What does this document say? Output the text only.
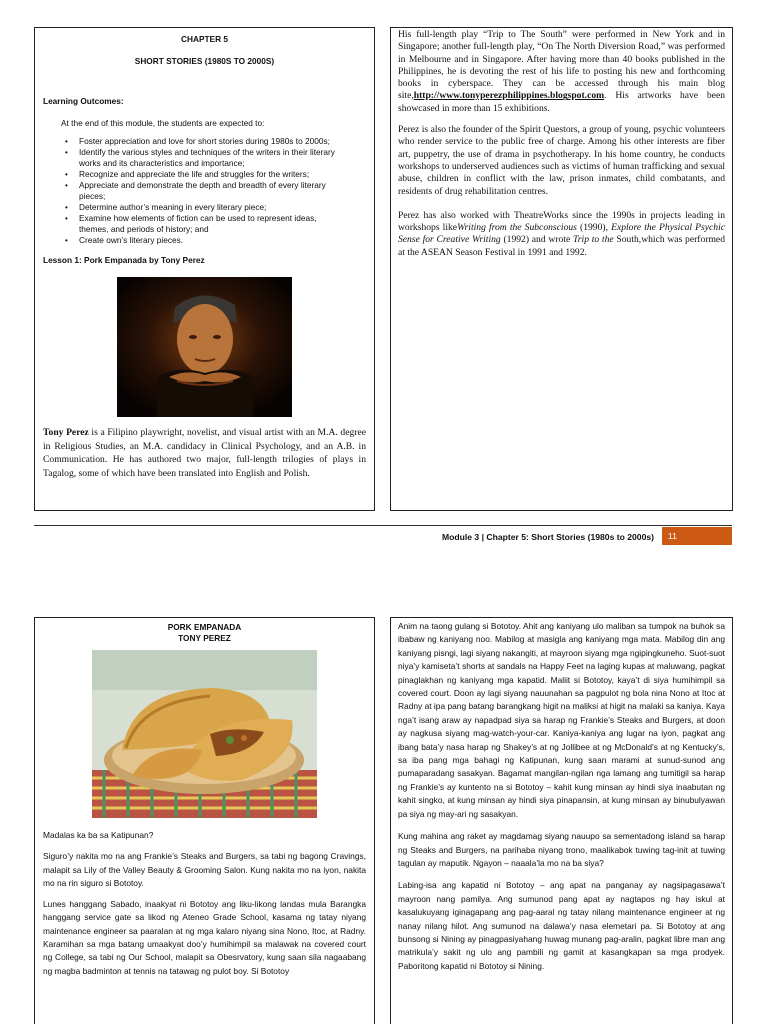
CHAPTER 5
SHORT STORIES (1980S TO 2000S)
Learning Outcomes:
At the end of this module, the students are expected to:
• Foster appreciation and love for short stories during 1980s to 2000s;
• Identify the various styles and techniques of the writers in their literary works and its characteristics and importance;
• Recognize and appreciate the life and struggles for the writers;
• Appreciate and demonstrate the depth and breadth of every literary pieces;
• Determine author’s meaning in every literary piece;
• Examine how elements of fiction can be used to represent ideas, themes, and periods of history; and
• Create own’s literary pieces.
Lesson 1: Pork Empanada by Tony Perez

Tony Perez is a Filipino playwright, novelist, and visual artist with an M.A. degree in Religious Studies, an M.A. candidacy in Clinical Psychology, and an A.B. in Communication. He has authored two major, full-length trilogies of plays in Tagalog, some of which have been translated into English and Polish.

His full-length play “Trip to The South” were performed in New York and in Singapore; another full-length play, “On The North Diversion Road,” was performed in Melbourne and in Singapore. After having more than 40 books published in the Philippines, he is devoting the rest of his life to posting his new and forthcoming books in cyberspace. They can be accessed through his main blog site,http://www.tonyperezphilippines.blogspot.com. His artworks have been showcased in more than 15 exhibitions.

Perez is also the founder of the Spirit Questors, a group of young, psychic volunteers who render service to the public free of charge. Among his other interests are fiber art, puppetry, the use of drama in psychotherapy. In his home country, he conducts workshops to underserved audiences such as victims of human trafficking and sexual abuse, children in conflict with the law, prison inmates, child combatants, and residents of drug rehabilitation centres.

Perez has also worked with TheatreWorks since the 1990s in projects leading in workshops likeWriting from the Subconscious (1990), Explore the Physical Psychic Sense for Creative Writing (1992) and wrote Trip to the South,which was performed at the ASEAN Season Festival in 1991 and 1992.

Module 3 | Chapter 5: Short Stories (1980s to 2000s)	11
PORK EMPANADA
TONY PEREZ

Madalas ka ba sa Katipunan?

Siguro’y nakita mo na ang Frankie’s Steaks and Burgers, sa tabi ng bagong Cravings, malapit sa Lily of the Valley Beauty & Grooming Salon. Kung nakita mo na iyon, nakita mo na rin siguro si Bototoy.

Lunes hanggang Sabado, inaakyat ni Bototoy ang liku-likong landas mula Barangka hanggang service gate sa likod ng Ateneo Grade School, kasama ng tatay niyang maintenance engineer sa paaralan at ng mga kalaro niyang sina Nono, Itoc, at Radny. Karamihan sa mga batang umaakyat doo’y humihimpil sa malawak na covered court ng College, sa tabi ng Our School, malapit sa Obesrvatory, kung saan sila nagaabang ng magba badminton at tennis na tatawag ng pulot boy. Si Bototoy

Anim na taong gulang si Bototoy. Ahit ang kaniyang ulo maliban sa tumpok na buhok sa ibabaw ng kaniyang noo. Mabilog at masigla ang kaniyang mga mata. Mabilog din ang kaniyang pisngi, lagi siyang nakangiti, at mayroon siyang mga ngipingkuneho. Suot-suot niya’y kamiseta’t shorts at sandals na Happy Feet na laging kupas at maluwang, pagkat pinaglakhan ng kaniyang mga kapatid. Maliit si Bototoy, kaya’t di siya humihimpil sa covered court. Doon ay lagi siyang nauunahan sa pagpulot ng bola nina Nono at Itoc at Radny at ipa pang batang barangkang higit na maliksi at higit na malaki sa kaniya. Kaya nga’t isang araw ay napadpad siya sa harap ng Frankie’s Steaks and Burgers, at doon ay nagkusa siyang mag-watch-your-car. Kaniya-kaniya ang lugar na iyon, pagkat ang ibang bata’y nasa harap ng Shakey’s at ng Jollibee at ng McDonald’s at ng Kentucky’s, sa iba pang mga bahagi ng Katipunan, kung saan marami at sunud-sunod ang pumaparadang sasakyan. Bagamat mangilan-ngilan nga lamang ang tumitigil sa harap ng Frankie’s ay kuntento na si Bototoy – kahit kung minsan ay hindi siya inaabutan ng kahit singko, at kung minsan ay hindi siya pinapansin, at kung minsan ay binubulyawan pa siya ng may-ari ng sasakyan.

Kung mahina ang raket ay magdamag siyang nauupo sa sementadong island sa harap ng Steaks and Burgers, na parihaba niyang trono, maalikabok tuwing tag-init at tuwing tagulan ay maputik. Ngayon – naaala’la mo na ba siya?

Labing-isa ang kapatid ni Bototoy – ang apat na panganay ay nagsipagasawa’t mayroon nang pamilya. Ang sumunod pang apat ay nagtapos ng hay iskul at kasalukuyang iginagapang ang pag-aaral ng tatay nilang maintenance engineer at ng nanay nilang hilot. Ang sumunod na dalawa’y nasa elemetari pa. Si Bototoy at ang bunsong si Nining ay pinagpasiyahang huwag munang pag-aralin, pagkat libre man ang matrikula’y sakit ng ulo ang pambili ng gamit at kasangkapan sa mga prodyek. Paboritong kapatid ni Bototoy si Nining.
